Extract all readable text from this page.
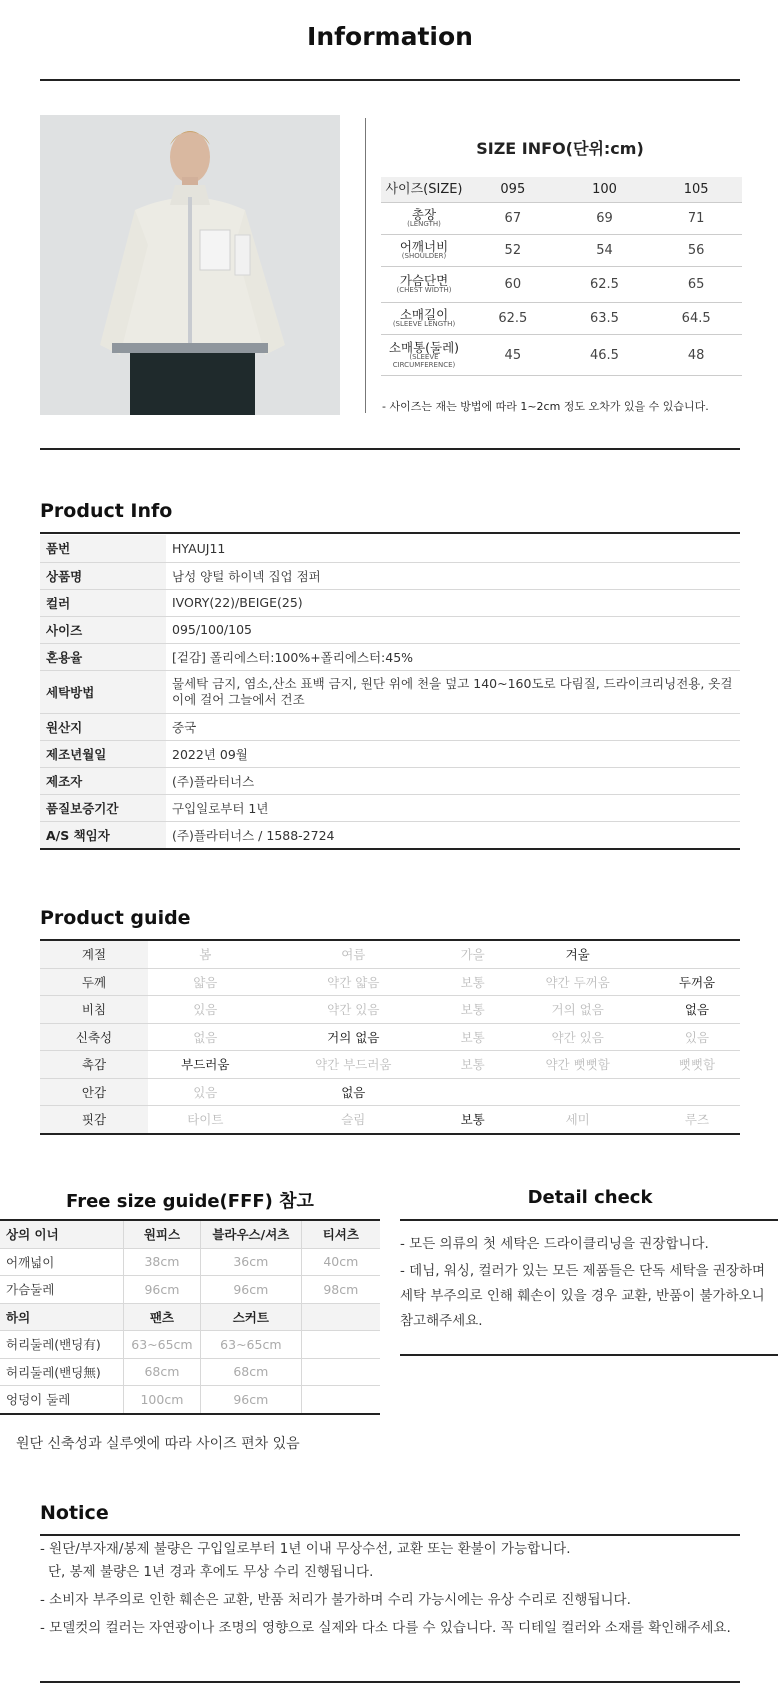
Information
SIZE INFO(단위:cm)
사이즈(SIZE)	095	100	105

총장
(LENGTH)	67	69	71

어깨너비
(SHOULDER)	52	54	56

가슴단면
(CHEST WIDTH)	60	62.5	65

소매길이
(SLEEVE LENGTH)	62.5	63.5	64.5

소매통(둘레)
(SLEEVE CIRCUMFERENCE)	45	46.5	48
- 사이즈는 재는 방법에 따라 1~2cm 정도 오차가 있을 수 있습니다.
Product Info
품번	HYAUJ11
상품명	남성 양털 하이넥 집업 점퍼
컬러	IVORY(22)/BEIGE(25)
사이즈	095/100/105
혼용율	[겉감] 폴리에스터:100%+폴리에스터:45%
세탁방법	물세탁 금지, 염소,산소 표백 금지, 원단 위에 천을 덮고 140~160도로 다림질, 드라이크리닝전용, 옷걸이에 걸어 그늘에서 건조
원산지	중국
제조년월일	2022년 09월
제조자	(주)플라터너스
품질보증기간	구입일로부터 1년
A/S 책임자	(주)플라터너스 / 1588-2724
Product guide
계절	봄	여름	가을	겨울	
두께	얇음	약간 얇음	보통	약간 두꺼움	두꺼움
비침	있음	약간 있음	보통	거의 없음	없음
신축성	없음	거의 없음	보통	약간 있음	있음
촉감	부드러움	약간 부드러움	보통	약간 뻣뻣함	뻣뻣함
안감	있음	없음			
핏감	타이트	슬림	보통	세미	루즈
Free size guide(FFF) 참고
상의 이너	원피스	블라우스/셔츠	티셔츠
어깨넓이	38cm	36cm	40cm
가슴둘레	96cm	96cm	98cm
하의	팬츠	스커트	
허리둘레(밴딩有)	63~65cm	63~65cm	
허리둘레(밴딩無)	68cm	68cm	
엉덩이 둘레	100cm	96cm	
원단 신축성과 실루엣에 따라 사이즈 편차 있음
Detail check
- 모든 의류의 첫 세탁은 드라이클리닝을 권장합니다.
- 데님, 워싱, 컬러가 있는 모든 제품들은 단독 세탁을 권장하며 세탁 부주의로 인해 훼손이 있을 경우 교환, 반품이 불가하오니 참고해주세요.
Notice
- 원단/부자재/봉제 불량은 구입일로부터 1년 이내 무상수선, 교환 또는 환불이 가능합니다.
단, 봉제 불량은 1년 경과 후에도 무상 수리 진행됩니다.
- 소비자 부주의로 인한 훼손은 교환, 반품 처리가 불가하며 수리 가능시에는 유상 수리로 진행됩니다.
- 모델컷의 컬러는 자연광이나 조명의 영향으로 실제와 다소 다를 수 있습니다. 꼭 디테일 컬러와 소재를 확인해주세요.
